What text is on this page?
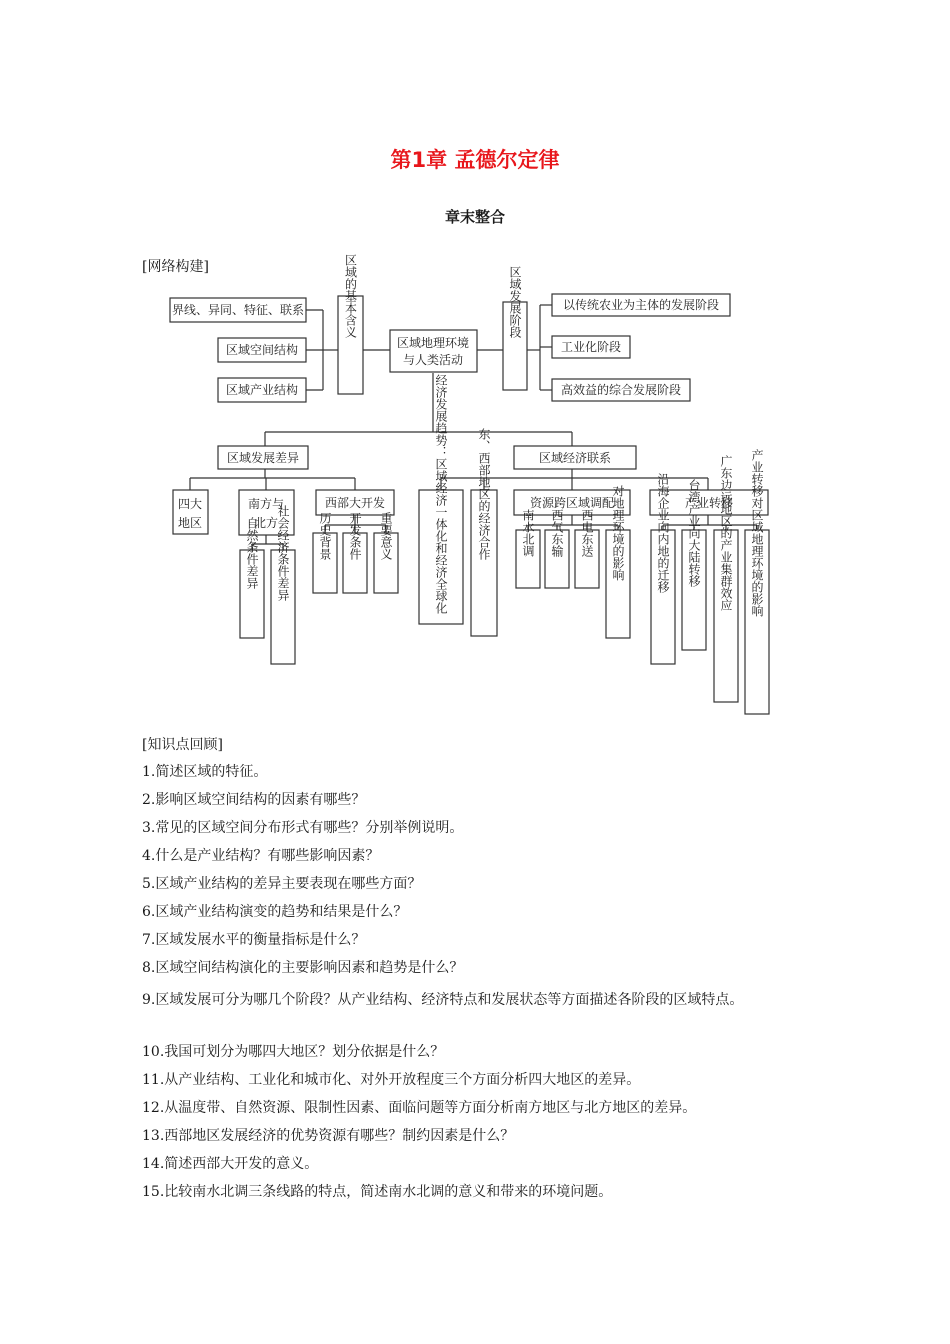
第1章 孟德尔定律
章末整合
[网络构建]
界线、异同、特征、联系
区域空间结构
区域产业结构
区域的基本含义
区域地理环境
与人类活动
区域发展阶段	以传统农业为主体的发展阶段
工业化阶段
高效益的综合发展阶段
区域发展差异	区域经济联系
四大
地区
南方与
北方
自然条件差异 社会经济条件差异
西部大开发
历史背景 开发条件 重要意义	经济发展趋势：区域经济一体化和经济全球化 东、西部地区的经济合作	资源跨区域调配
南水北调 西气东输 西电东送 对地理环境的影响	产业转移
沿海企业向内地的迁移 台湾产业向大陆转移 广东边远地区的产业集群效应 产业转移对区域地理环境的影响
[知识点回顾]
1.简述区域的特征。
2.影响区域空间结构的因素有哪些？
3.常见的区域空间分布形式有哪些？分别举例说明。
4.什么是产业结构？有哪些影响因素？
5.区域产业结构的差异主要表现在哪些方面？
6.区域产业结构演变的趋势和结果是什么？
7.区域发展水平的衡量指标是什么？
8.区域空间结构演化的主要影响因素和趋势是什么？
9.区域发展可分为哪几个阶段？从产业结构、经济特点和发展状态等方面描述各阶段的区域特点。
10.我国可划分为哪四大地区？划分依据是什么？
11.从产业结构、工业化和城市化、对外开放程度三个方面分析四大地区的差异。
12.从温度带、自然资源、限制性因素、面临问题等方面分析南方地区与北方地区的差异。
13.西部地区发展经济的优势资源有哪些？制约因素是什么？
14.简述西部大开发的意义。
15.比较南水北调三条线路的特点，简述南水北调的意义和带来的环境问题。
